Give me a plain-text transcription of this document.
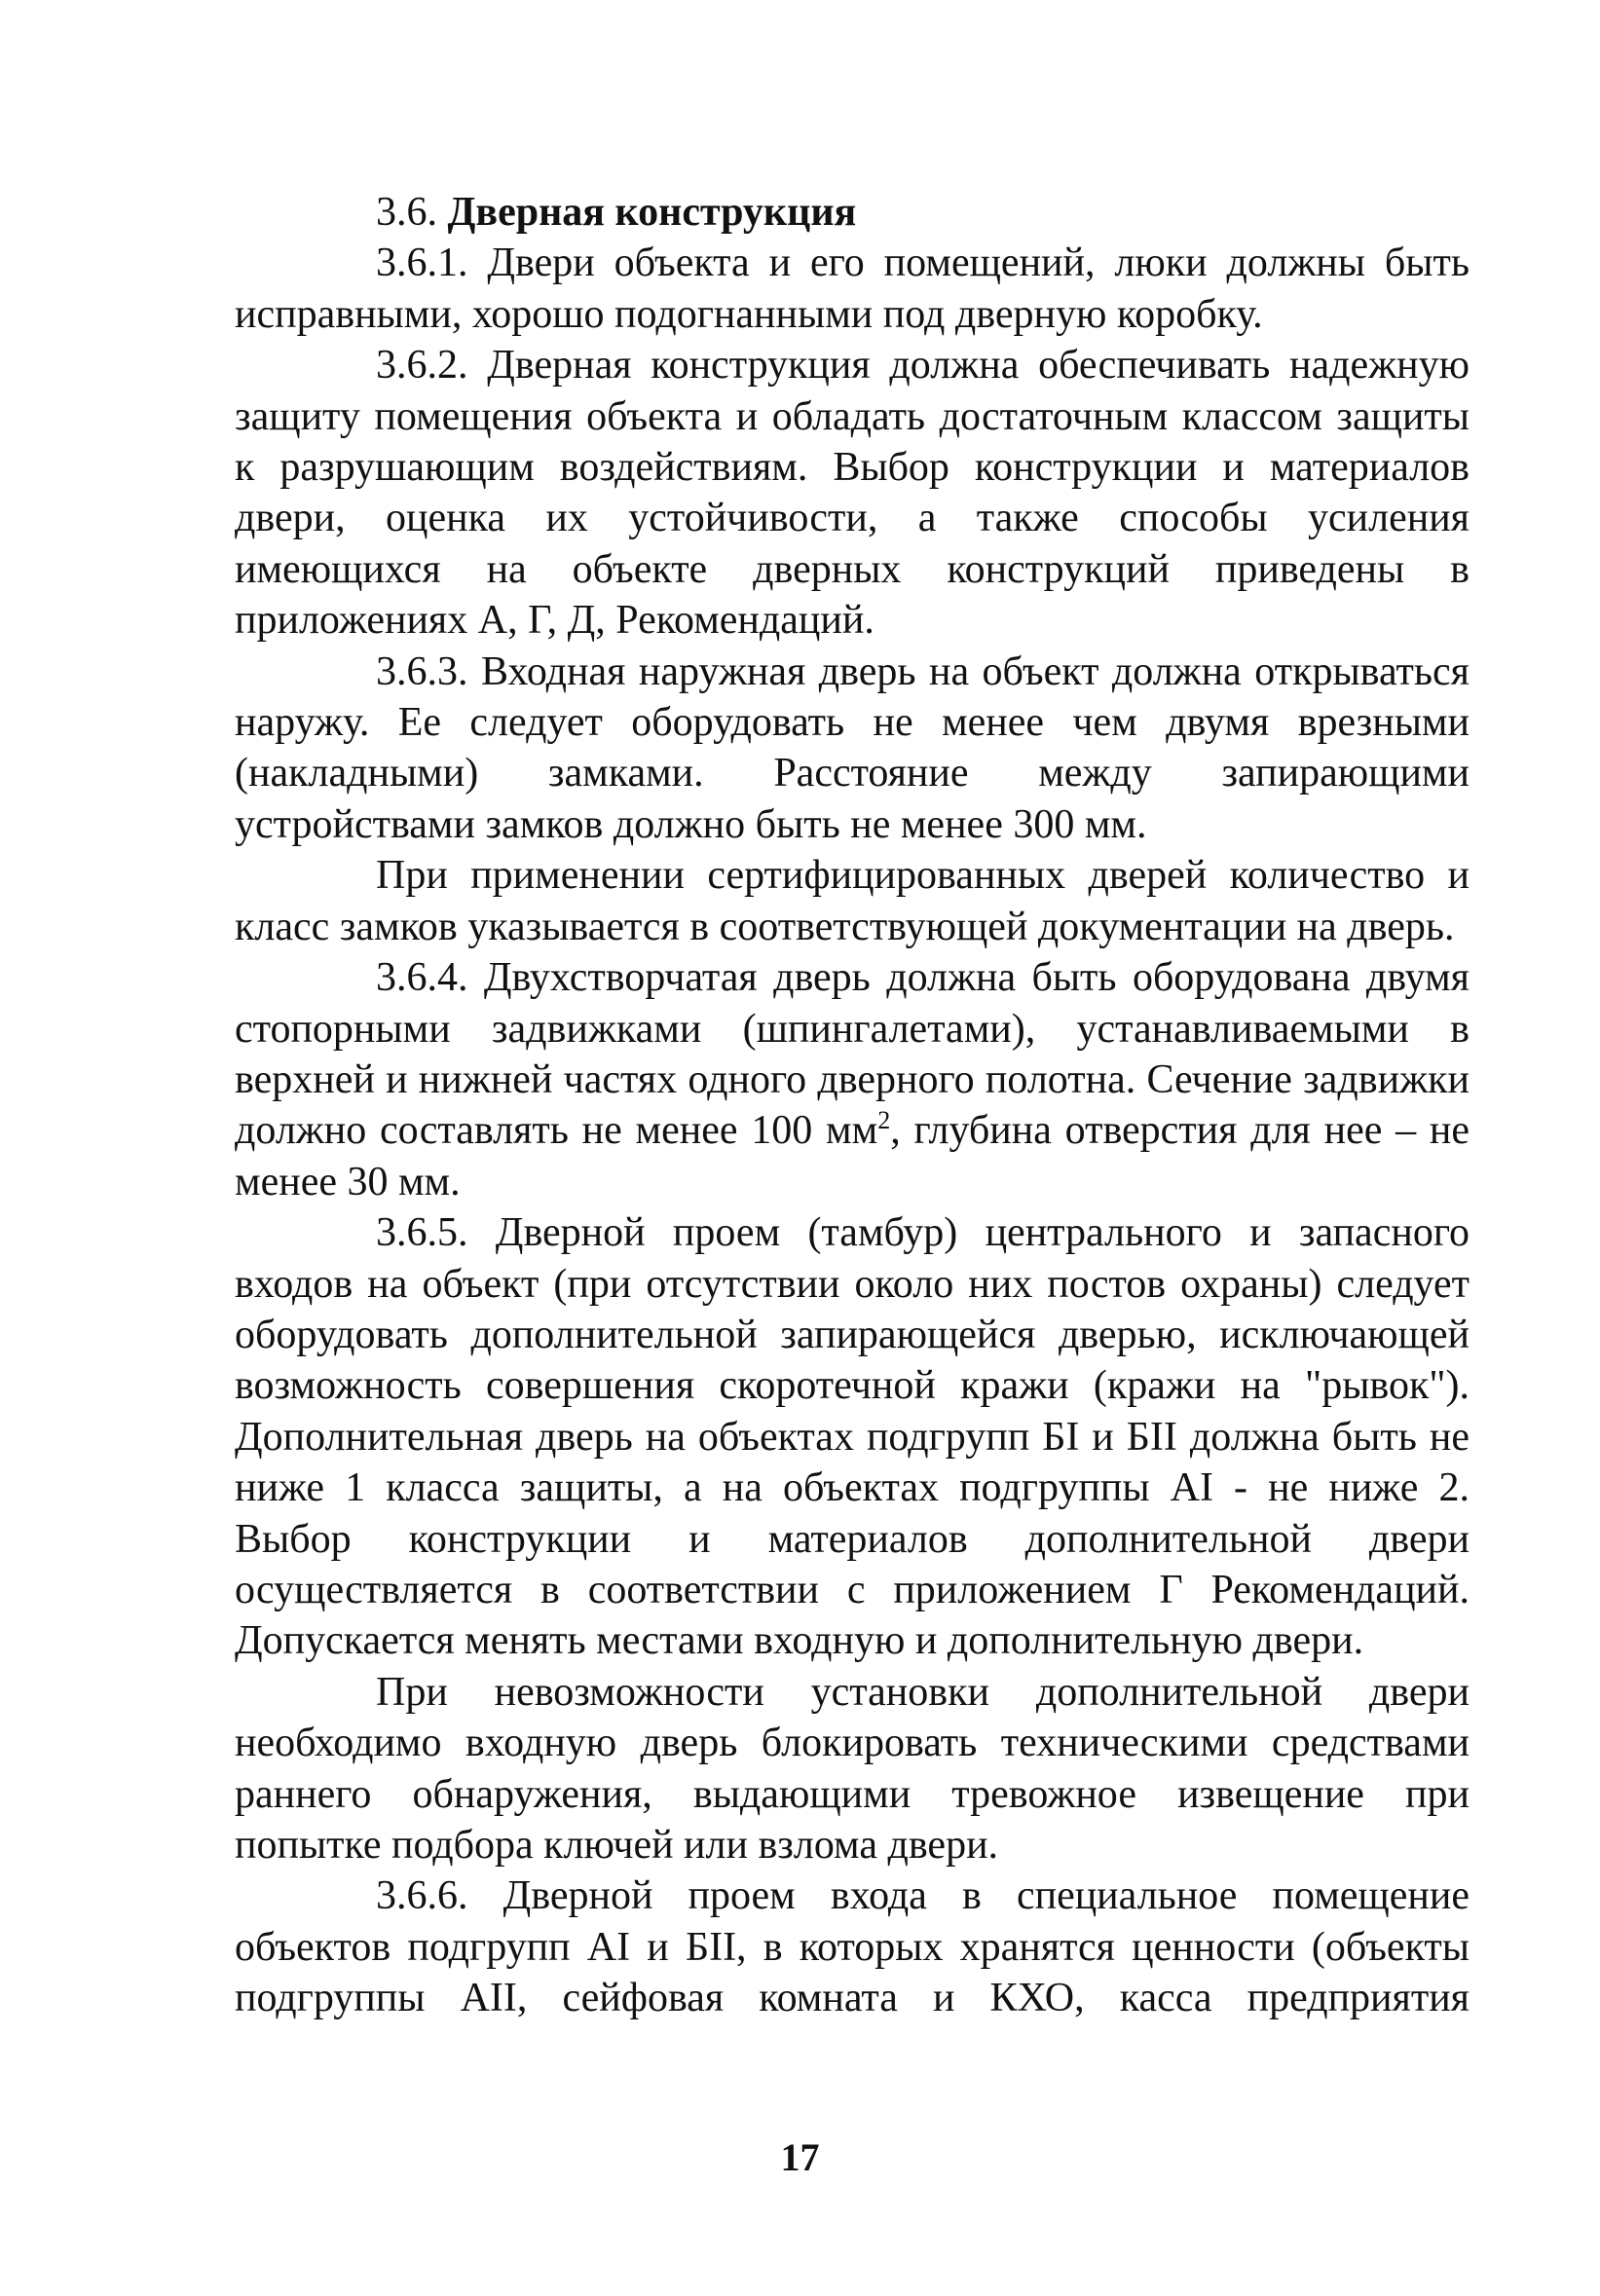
3.6. Дверная конструкция

3.6.1. Двери объекта и его помещений, люки должны быть исправными, хорошо подогнанными под дверную коробку.

3.6.2. Дверная конструкция должна обеспечивать надежную защиту помещения объекта и обладать достаточным классом защиты к разрушающим воздействиям. Выбор конструкции и материалов двери, оценка их устойчивости, а также способы усиления имеющихся на объекте дверных конструкций приведены в приложениях А, Г, Д, Рекомендаций.

3.6.3. Входная наружная дверь на объект должна открываться наружу. Ее следует оборудовать не менее чем двумя врезными (накладными) замками. Расстояние между запирающими устройствами замков должно быть не менее 300 мм.

При применении сертифицированных дверей количество и класс замков указывается в соответствующей документации на дверь.

3.6.4. Двухстворчатая дверь должна быть оборудована двумя стопорными задвижками (шпингалетами), устанавливаемыми в верхней и нижней частях одного дверного полотна. Сечение задвижки должно составлять не менее 100 $мм^2$, глубина отверстия для нее – не менее 30 мм.

3.6.5. Дверной проем (тамбур) центрального и запасного входов на объект (при отсутствии около них постов охраны) следует оборудовать дополнительной запирающейся дверью, исключающей возможность совершения скоротечной кражи (кражи на "рывок"). Дополнительная дверь на объектах подгрупп БI и БII должна быть не ниже 1 класса защиты, а на объектах подгруппы АI - не ниже 2. Выбор конструкции и материалов дополнительной двери осуществляется в соответствии с приложением Г Рекомендаций. Допускается менять местами входную и дополнительную двери.

При невозможности установки дополнительной двери необходимо входную дверь блокировать техническими средствами раннего обнаружения, выдающими тревожное извещение при попытке подбора ключей или взлома двери.

3.6.6. Дверной проем входа в специальное помещение объектов подгрупп АI и БII, в которых хранятся ценности (объекты подгруппы АII, сейфовая комната и КХО, касса предприятия

17
